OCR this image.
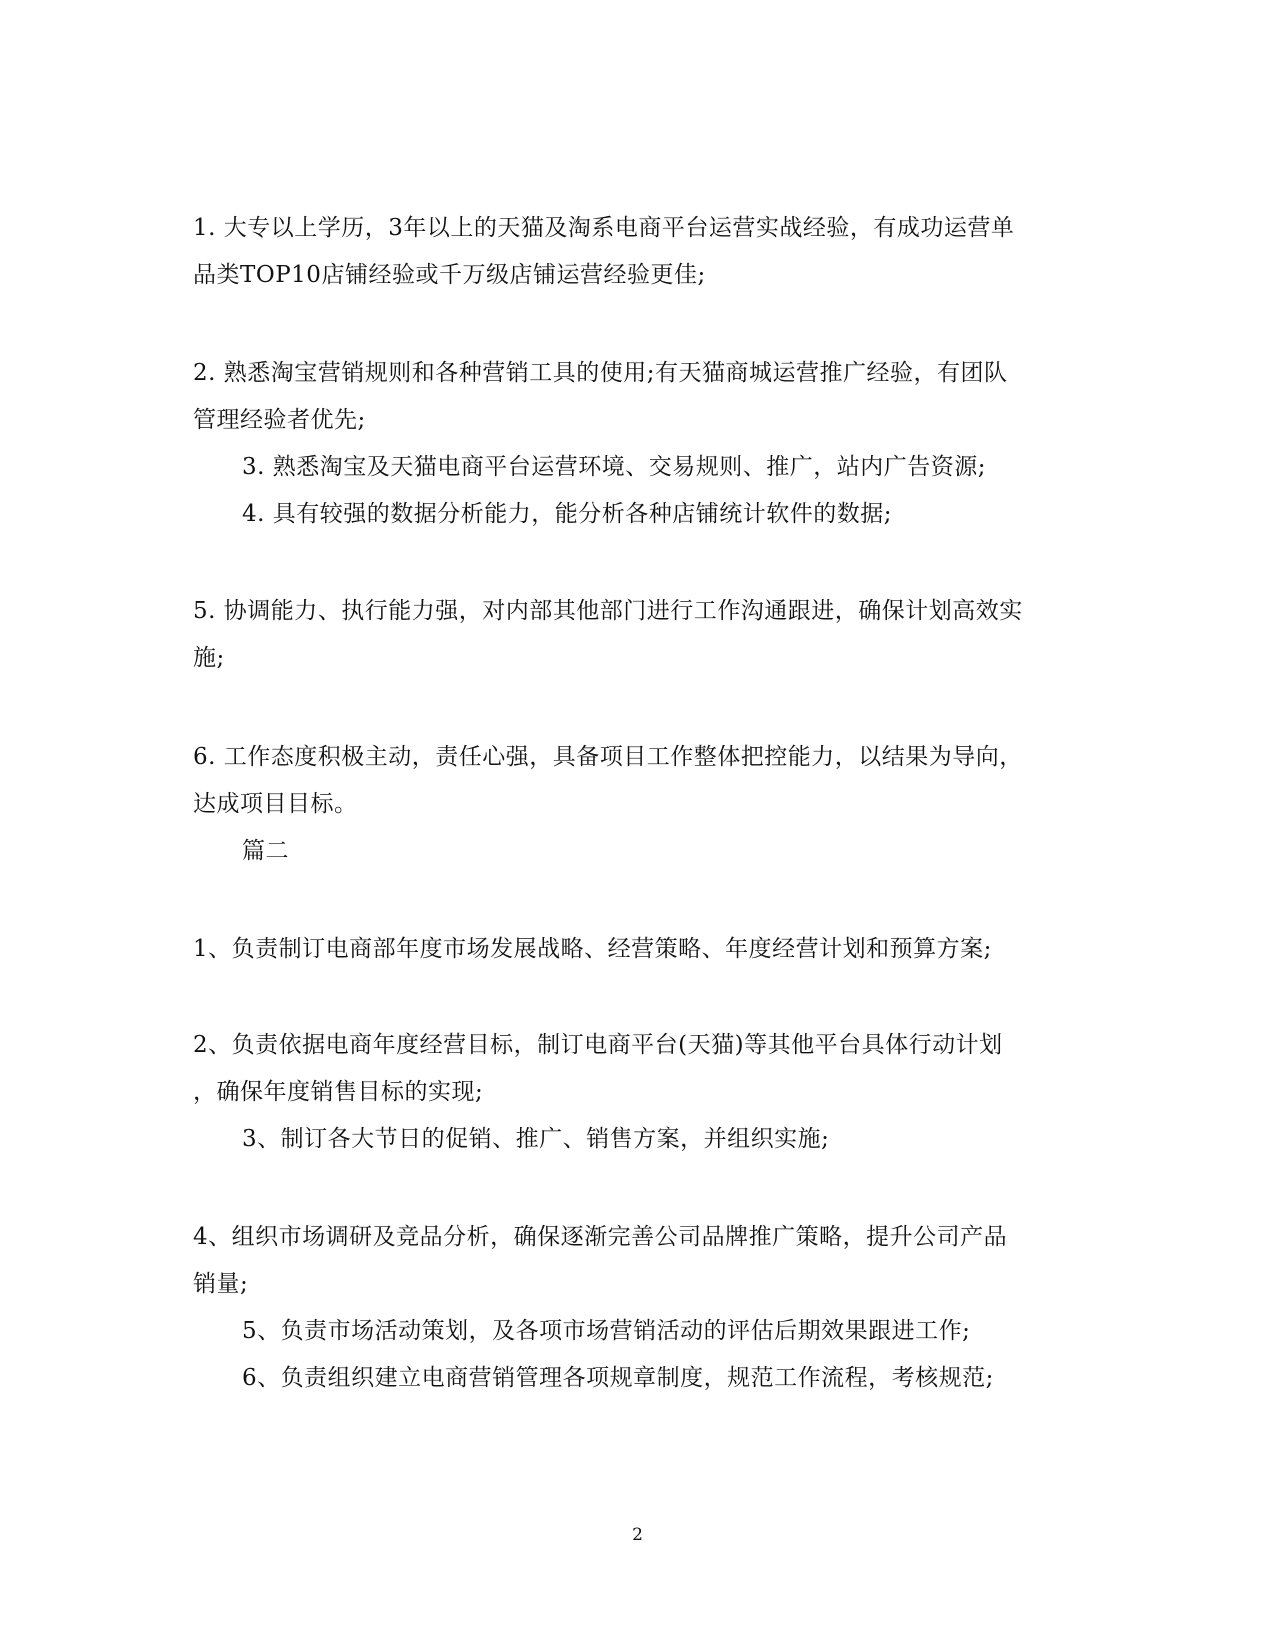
1. 大专以上学历，3年以上的天猫及淘系电商平台运营实战经验，有成功运营单
品类TOP10店铺经验或千万级店铺运营经验更佳;
2. 熟悉淘宝营销规则和各种营销工具的使用;有天猫商城运营推广经验，有团队
管理经验者优先;
3. 熟悉淘宝及天猫电商平台运营环境、交易规则、推广，站内广告资源;
4. 具有较强的数据分析能力，能分析各种店铺统计软件的数据;
5. 协调能力、执行能力强，对内部其他部门进行工作沟通跟进，确保计划高效实
施;
6. 工作态度积极主动，责任心强，具备项目工作整体把控能力，以结果为导向，
达成项目目标。
篇二
1、负责制订电商部年度市场发展战略、经营策略、年度经营计划和预算方案;
2、负责依据电商年度经营目标，制订电商平台(天猫)等其他平台具体行动计划
，确保年度销售目标的实现;
3、制订各大节日的促销、推广、销售方案，并组织实施;
4、组织市场调研及竞品分析，确保逐渐完善公司品牌推广策略，提升公司产品
销量;
5、负责市场活动策划，及各项市场营销活动的评估后期效果跟进工作;
6、负责组织建立电商营销管理各项规章制度，规范工作流程，考核规范;
2
